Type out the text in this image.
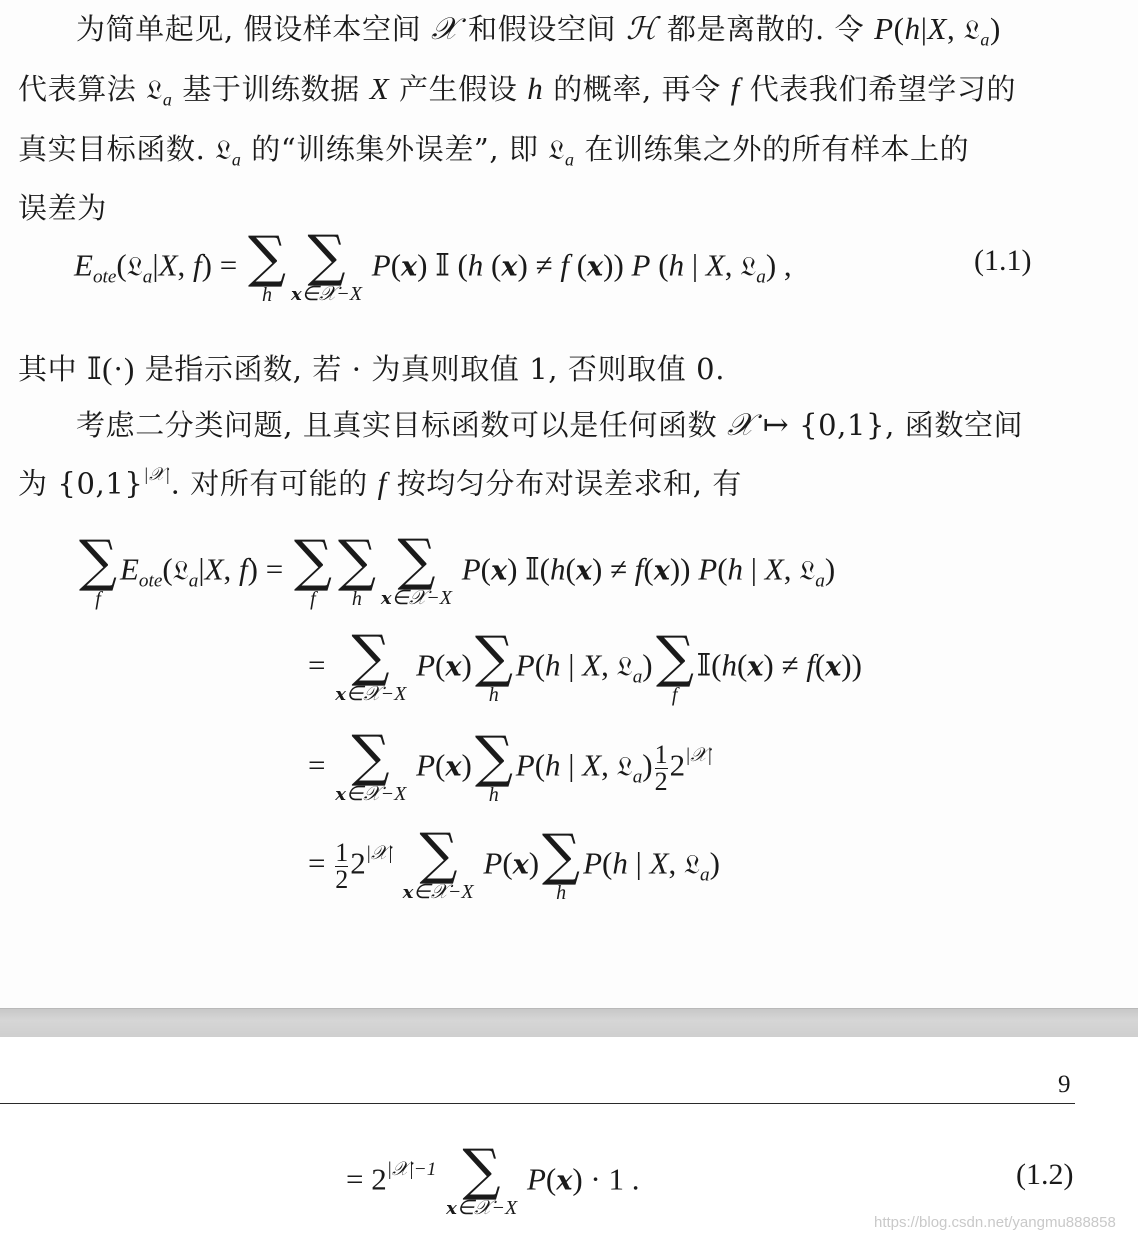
为简单起见, 假设样本空间 𝒳 和假设空间 ℋ 都是离散的. 令 P(h|X, 𝔏$_a$)
代表算法 𝔏$_a$ 基于训练数据 X 产生假设 h 的概率, 再令 f 代表我们希望学习的
真实目标函数. 𝔏$_a$ 的“训练集外误差”, 即 𝔏$_a$ 在训练集之外的所有样本上的
误差为
$E_{ote}(𝔏_a|X$, f) = ∑
h
∑
x∈𝒳−X
P(x) 𝕀 (h (x) ≠ f (x)) P (h | X, 𝔏$_a$) ,	(1.1)
其中 𝕀(·) 是指示函数, 若 · 为真则取值 1, 否则取值 0.
考虑二分类问题, 且真实目标函数可以是任何函数 𝒳 ↦ {0,1}, 函数空间
为 $\{0,1\}^{|𝒳|}$. 对所有可能的 f 按均匀分布对误差求和, 有
∑
f
$E_{ote}(𝔏_a|X$, f) = ∑
f
∑
h
∑
x∈𝒳−X
P(x) 𝕀(h(x) ≠ f(x)) P(h | X, 𝔏$_a$)
= ∑
x∈𝒳−X
P(x) ∑
h
P(h | X, 𝔏$_a$) ∑
f
𝕀(h(x) ≠ f(x))
= ∑
x∈𝒳−X
P(x) ∑
h
P(h | X, 𝔏$_a$) $\frac{1}{2} 2^{|𝒳|}$
= $\frac{1}{2} 2^{|𝒳|}$ ∑
x∈𝒳−X
P(x) ∑
h
P(h | X, 𝔏$_a$)
9
= $2^{|𝒳|-1}$ ∑
x∈𝒳−X
P(x) · 1 .	(1.2)
https://blog.csdn.net/yangmu888858
